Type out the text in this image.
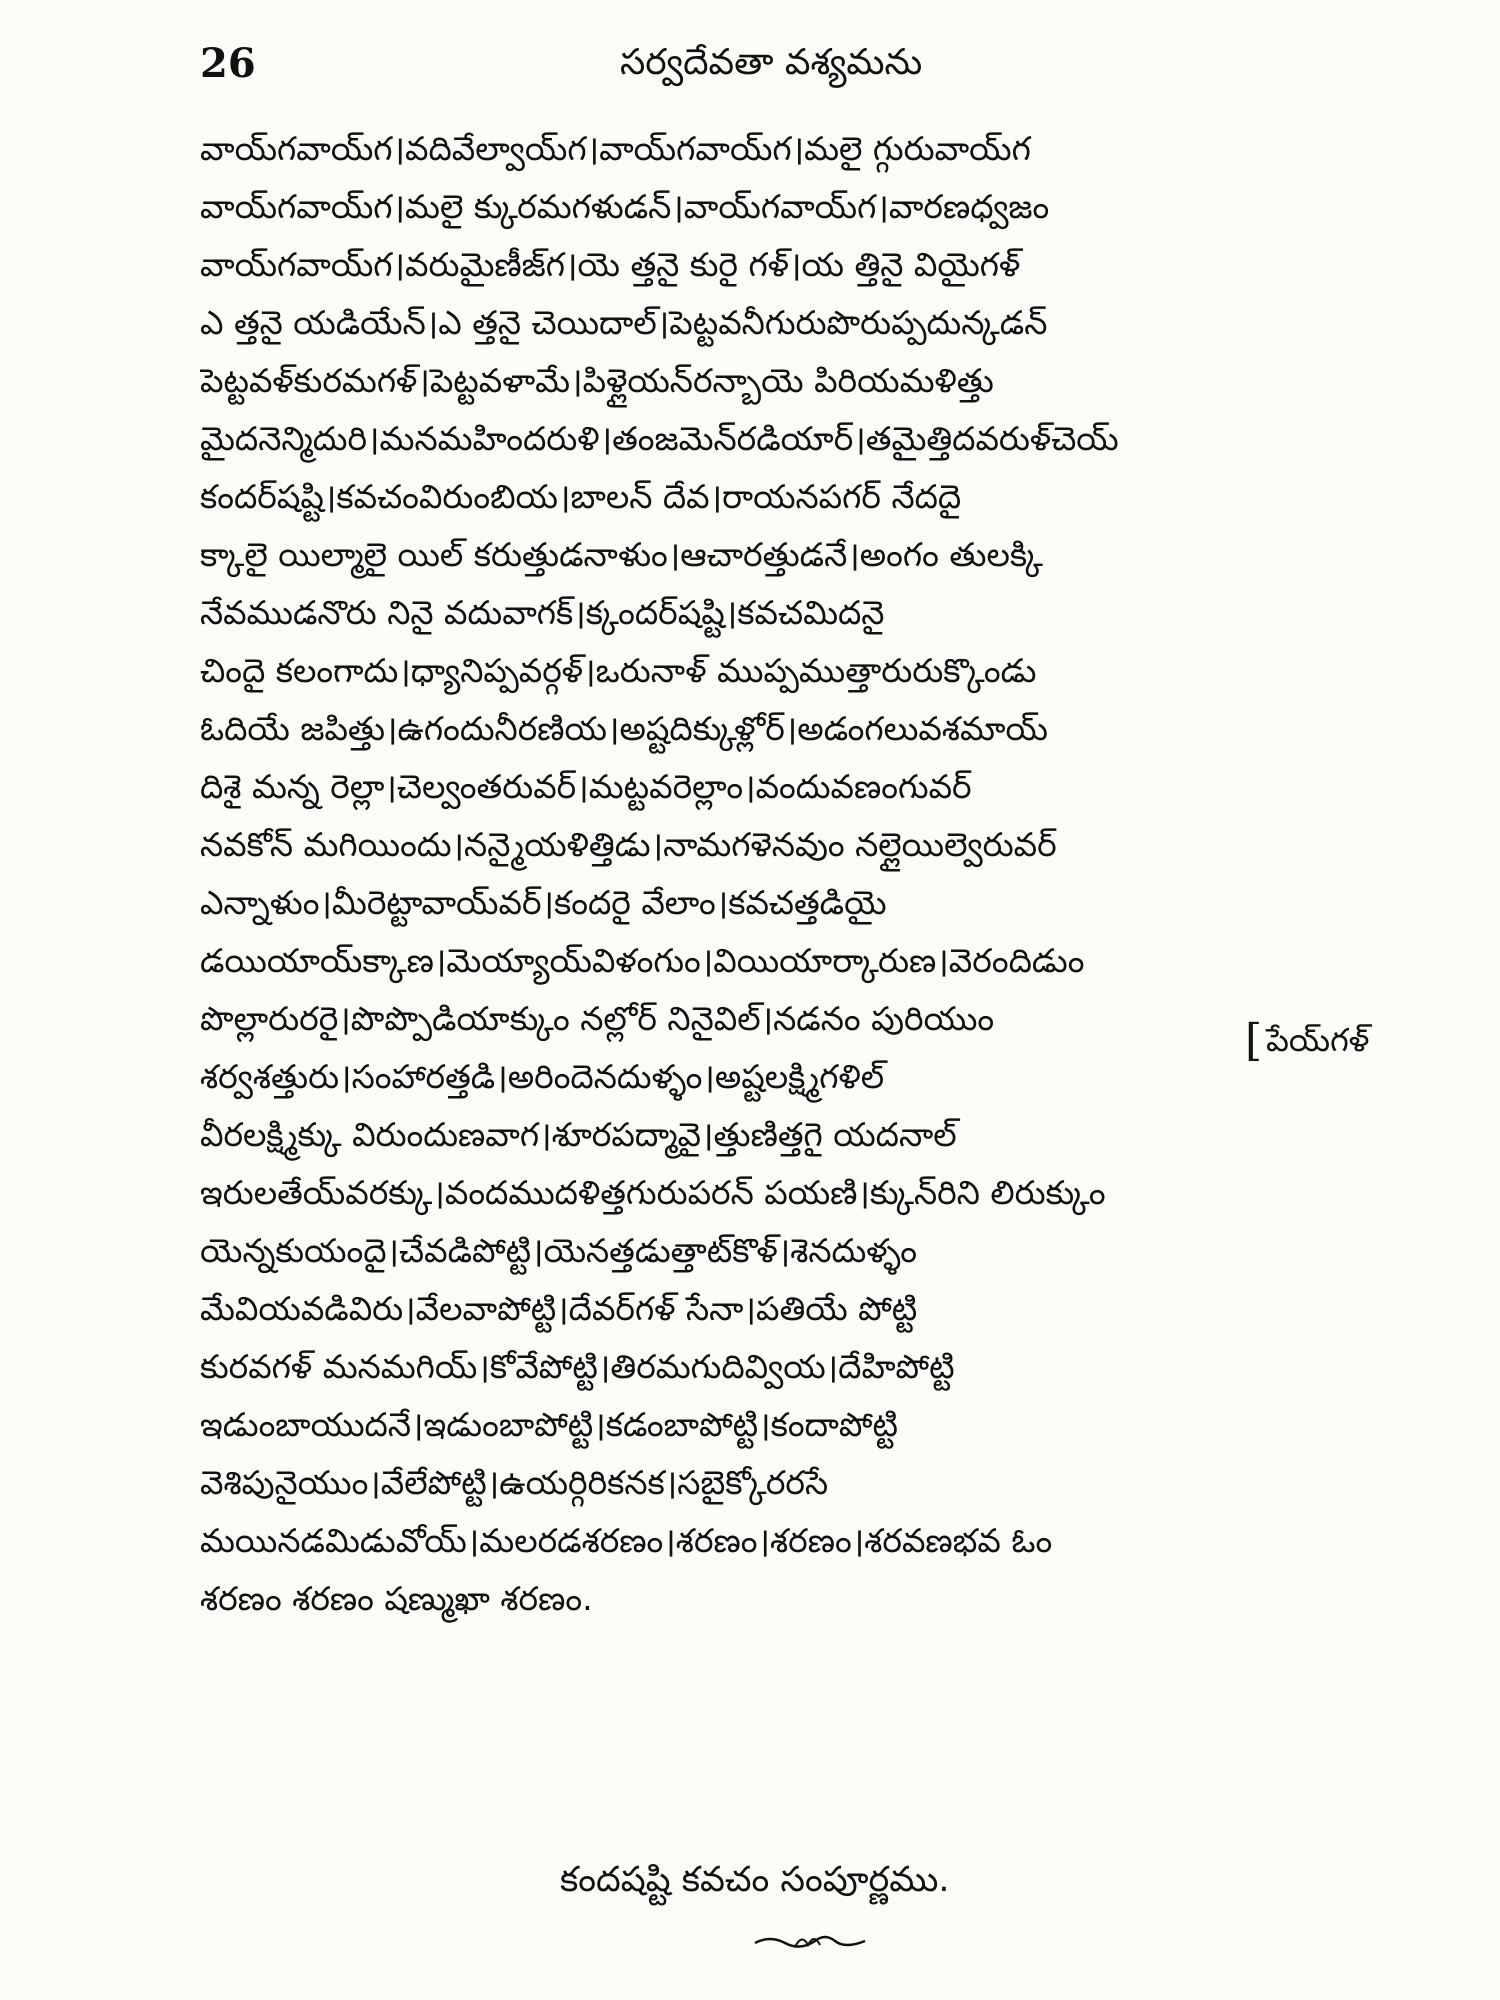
26	సర్వదేవతా వశ్యమను
వాయ్‌గవాయ్‌గ।వదివేల్వాయ్‌గ।వాయ్‌గవాయ్‌గ।మలై గ్గురువాయ్‌గ
వాయ్‌గవాయ్‌గ।మలై క్కురమగళుడన్।వాయ్‌గవాయ్‌గ।వారణధ్వజం
వాయ్‌గవాయ్‌గ।వరుమైణీజ్‌గ।యె త్తనై కురై గళ్।య త్తినై వియైగళ్
ఎ త్తనై యడియేన్।ఎ త్తనై చెయిదాల్।పెట్టవనీగురుపొరుప్పదున్కడన్
పెట్టవళ్‌కురమగళ్।పెట్టవళామే।పిళ్లైయన్‌రన్బాయె పిరియమళిత్తు
మైదనెన్మిదురి।మనమహిందరుళి।తంజమెన్‌రడియార్।తమైత్తిదవరుళ్‌చెయ్
కందర్‌షష్టి।కవచంవిరుంబియ।బాలన్ దేవ।రాయనపగర్ నేదదై
క్కాలై యిల్మాలై యిల్ కరుత్తుడనాళుం।ఆచారత్తుడనే।అంగం తులక్కి
నేవముడనొరు నినై వదువాగక్।క్కందర్‌షష్టి।కవచమిదనై
చిందై కలంగాదు।ధ్యానిప్పవర్గళ్।ఒరునాళ్ ముప్పముత్తారురుక్కొండు
ఓదియే జపిత్తు।ఉగందునీరణియ।అష్టదిక్కుళ్లోర్।అడంగలువశమాయ్
దిశై మన్న రెల్లా।చెల్వంతరువర్।మట్టవరెల్లాం।వందువణంగువర్
నవకోన్ మగియిందు।నన్మైయళిత్తిడు।నామగళెనవుం నల్లైయిల్వెరువర్
ఎన్నాళుం।మీరెట్టావాయ్‌వర్।కందరై వేలాం।కవచత్తడియై
డయియాయ్‌క్కాణ।మెయ్యాయ్‌విళంగుం।వియియార్కారుణ।వెరందిడుం
పొల్లారురరై।పొప్పొడియాక్కుం నల్లోర్ నినైవిల్।నడనం పురియుం
శర్వశత్తురు।సంహారత్తడి।అరిందెనదుళ్ళం।అష్టలక్ష్మిగళిల్
వీరలక్ష్మిక్కు విరుందుణవాగ।శూరపద్మావై।త్తుణిత్తగై యదనాల్
ఇరులతేయ్‌వరక్కు।వందముదళిత్తగురుపరన్ పయణి।క్కున్‌రిని లిరుక్కుం
యెన్నకుయందై।చేవడిపోట్టి।యెనత్తడుత్తాట్‌కొళ్।శెనదుళ్ళం
మేవియవడివిరు।వేలవాపోట్టి।దేవర్‌గళ్ సేనా।పతియే పోట్టి
కురవగళ్ మనమగియ్।కోవేపోట్టి।తిరమగుదివ్వియ।దేహిపోట్టి
ఇడుంబాయుదనే।ఇడుంబాపోట్టి।కడంబాపోట్టి।కందాపోట్టి
వెశిపునైయుం।వేలేపోట్టి।ఉయర్గిరికనక।సబైక్కోరరసే
మయినడమిడువోయ్।మలరడశరణం।శరణం।శరణం।శరవణభవ ఓం
శరణం శరణం షణ్ముఖా శరణం.
[ పేయ్‌గళ్
కందషష్టి కవచం సంపూర్ణము.
